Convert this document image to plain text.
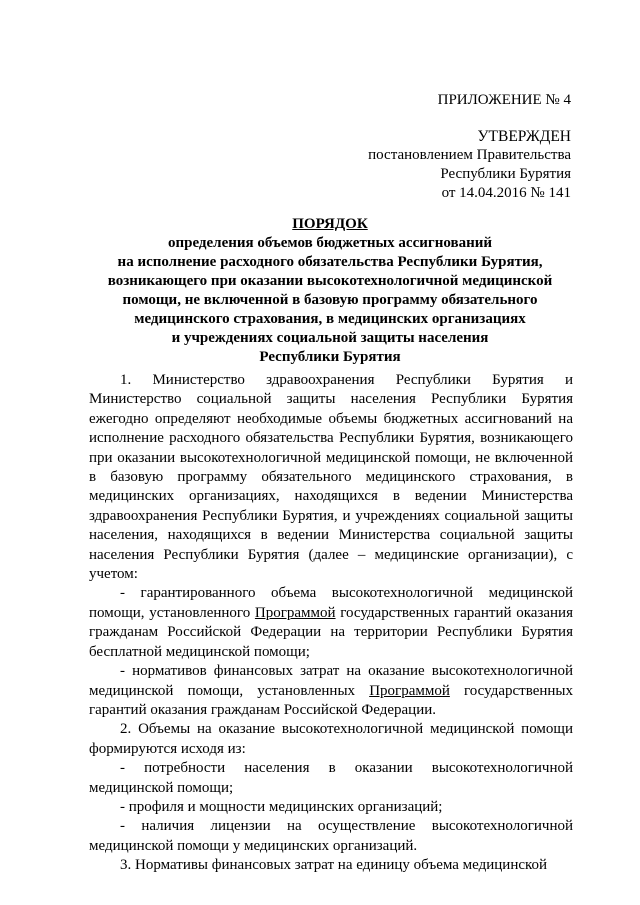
ПРИЛОЖЕНИЕ № 4
УТВЕРЖДЕН
постановлением Правительства
Республики Бурятия
от 14.04.2016 № 141
ПОРЯДОК
определения объемов бюджетных ассигнований
на исполнение расходного обязательства Республики Бурятия,
возникающего при оказании высокотехнологичной медицинской
помощи, не включенной в базовую программу обязательного
медицинского страхования, в медицинских организациях
и учреждениях социальной защиты населения
Республики Бурятия

1. Министерство здравоохранения Республики Бурятия и Министерство социальной защиты населения Республики Бурятия ежегодно определяют необходимые объемы бюджетных ассигнований на исполнение расходного обязательства Республики Бурятия, возникающего при оказании высокотехнологичной медицинской помощи, не включенной в базовую программу обязательного медицинского страхования, в медицинских организациях, находящихся в ведении Министерства здравоохранения Республики Бурятия, и учреждениях социальной защиты населения, находящихся в ведении Министерства социальной защиты населения Республики Бурятия (далее – медицинские организации), с учетом:

- гарантированного объема высокотехнологичной медицинской помощи, установленного Программой государственных гарантий оказания гражданам Российской Федерации на территории Республики Бурятия бесплатной медицинской помощи;

- нормативов финансовых затрат на оказание высокотехнологичной медицинской помощи, установленных Программой государственных гарантий оказания гражданам Российской Федерации.

2. Объемы на оказание высокотехнологичной медицинской помощи формируются исходя из:

- потребности населения в оказании высокотехнологичной медицинской помощи;

- профиля и мощности медицинских организаций;

- наличия лицензии на осуществление высокотехнологичной медицинской помощи у медицинских организаций.

3. Нормативы финансовых затрат на единицу объема медицинской
